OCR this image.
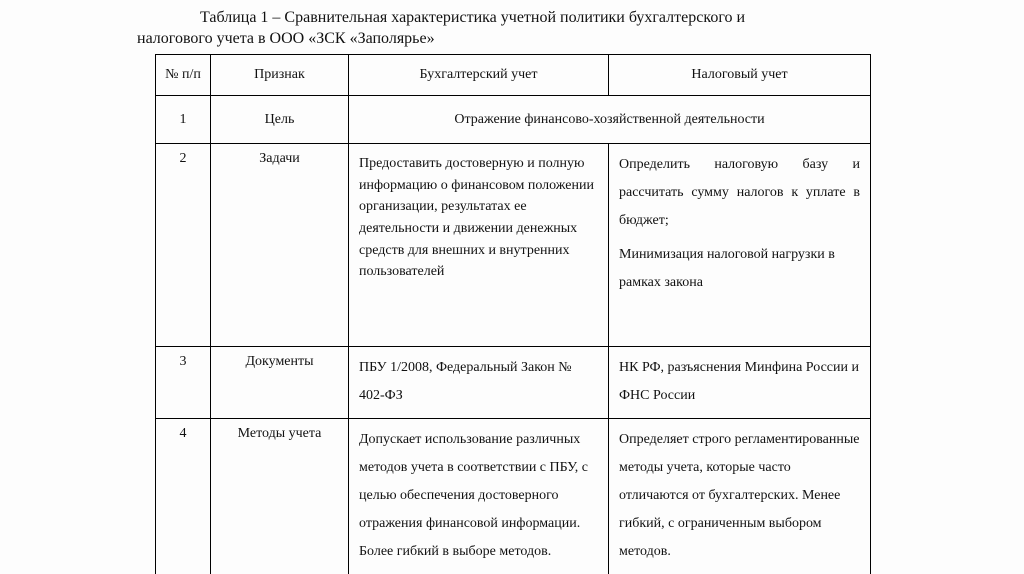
Таблица 1 – Сравнительная характеристика учетной политики бухгалтерского и
налогового учета в ООО «ЗСК «Заполярье»

№ п/п	Признак	Бухгалтерский учет	Налоговый учет
1	Цель	Отражение финансово-хозяйственной деятельности	
2	Задачи	Предоставить достоверную и полную информацию о финансовом положении организации, результатах ее деятельности и движении денежных средств для внешних и внутренних пользователей	Определить налоговую базу и рассчитать сумму налогов к уплате в бюджет;

Минимизация налоговой нагрузки в рамках закона

3	Документы	ПБУ 1/2008, Федеральный Закон № 402-ФЗ	НК РФ, разъяснения Минфина России и ФНС России
4	Методы учета	Допускает использование различных методов учета в соответствии с ПБУ, с целью обеспечения достоверного отражения финансовой информации. Более гибкий в выборе методов.	Определяет строго регламентированные методы учета, которые часто отличаются от бухгалтерских. Менее гибкий, с ограниченным выбором методов.
